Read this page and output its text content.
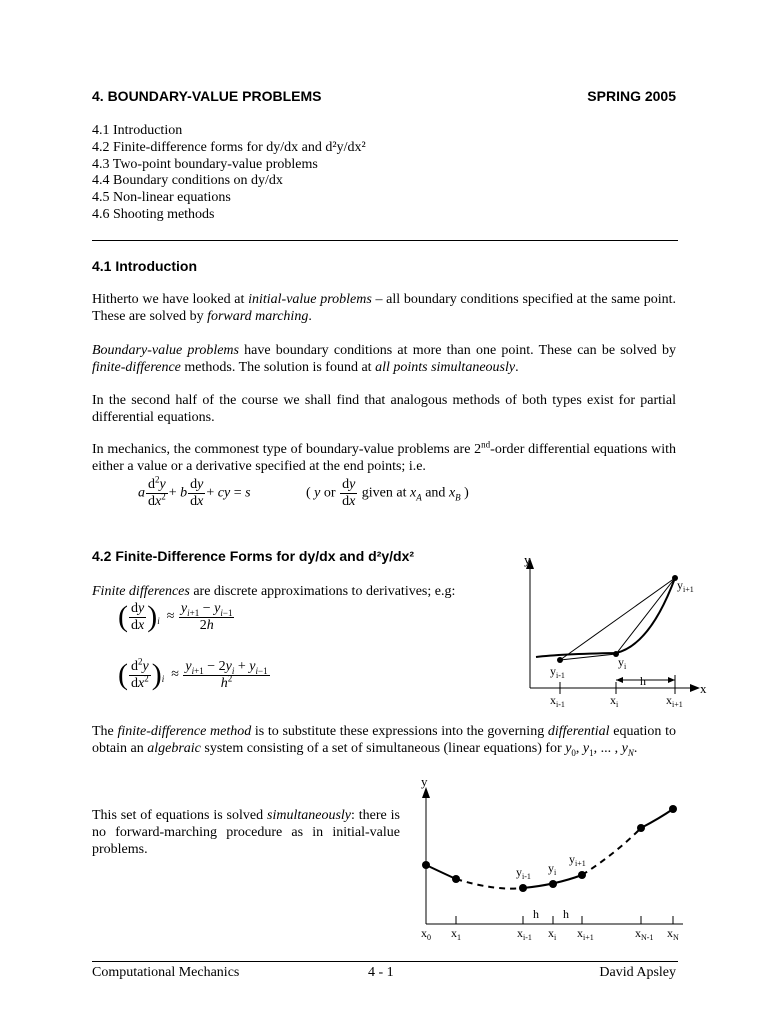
4. BOUNDARY-VALUE PROBLEMS	SPRING 2005
4.1 Introduction
4.2 Finite-difference forms for dy/dx and d²y/dx²
4.3 Two-point boundary-value problems
4.4 Boundary conditions on dy/dx
4.5 Non-linear equations
4.6 Shooting methods
4.1 Introduction
Hitherto we have looked at initial-value problems – all boundary conditions specified at the same point. These are solved by forward marching.
Boundary-value problems have boundary conditions at more than one point. These can be solved by finite-difference methods. The solution is found at all points simultaneously.
In the second half of the course we shall find that analogous methods of both types exist for partial differential equations.
In mechanics, the commonest type of boundary-value problems are 2nd-order differential equations with either a value or a derivative specified at the end points; i.e.
a $\frac{d^2y}{dx^2} + b \frac{dy}{dx}$ + cy = s	( y or $\frac{dy}{dx}$ given at $x_A$ and $x_B$ )
4.2 Finite-Difference Forms for dy/dx and d²y/dx²
Finite differences are discrete approximations to derivatives; e.g:
( $\frac{dy}{dx} )_i \approx \frac{y_{i+1} - y_{i-1}}{2h}$
( $\frac{d^2y}{dx^2} )_i \approx \frac{y_{i+1} - 2y_i + y_{i-1}}{h^2}$
y
x
$y_{i-1}$
$y_i$
$y_{i+1}$
h
$x_{i-1}$	$x_i$	$x_{i+1}$
The finite-difference method is to substitute these expressions into the governing differential equation to obtain an algebraic system consisting of a set of simultaneous (linear equations) for $y_0$, $y_1$, ... , $y_N$.
This set of equations is solved simultaneously: there is no forward-marching procedure as in initial-value problems.
y
$y_{i-1}$
$y_i$
$y_{i+1}$
h h
$x_0$ $x_1$	$x_{i-1}$ $x_i$ $x_{i+1}$	$x_{N-1}$ $x_N$
Computational Mechanics	4 - 1	David Apsley
